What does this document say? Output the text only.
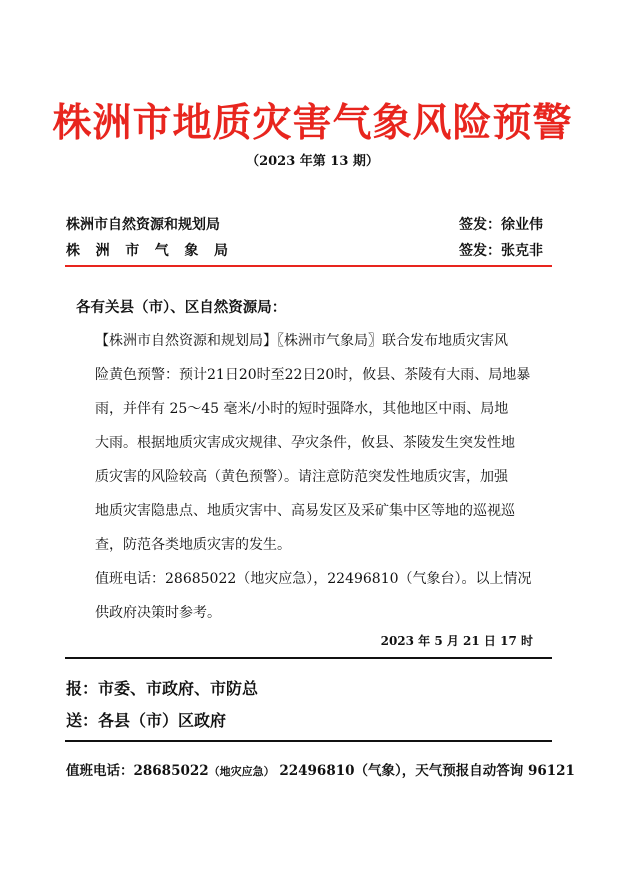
株洲市地质灾害气象风险预警
（2023 年第 13 期）
株洲市自然资源和规划局	签发：徐业伟
株 洲 市 气 象 局	签发：张克非
各有关县（市）、区自然资源局：
【株洲市自然资源和规划局】〖株洲市气象局〗联合发布地质灾害风
险黄色预警：预计21日20时至22日20时，攸县、茶陵有大雨、局地暴
雨，并伴有 25～45 毫米/小时的短时强降水，其他地区中雨、局地
大雨。根据地质灾害成灾规律、孕灾条件，攸县、茶陵发生突发性地
质灾害的风险较高（黄色预警）。请注意防范突发性地质灾害，加强
地质灾害隐患点、地质灾害中、高易发区及采矿集中区等地的巡视巡
查，防范各类地质灾害的发生。
值班电话：28685022（地灾应急），22496810（气象台）。以上情况
供政府决策时参考。
2023 年 5 月 21 日 17 时
报：市委、市政府、市防总
送：各县（市）区政府
值班电话：28685022（地灾应急） 22496810（气象），天气预报自动答询 96121
